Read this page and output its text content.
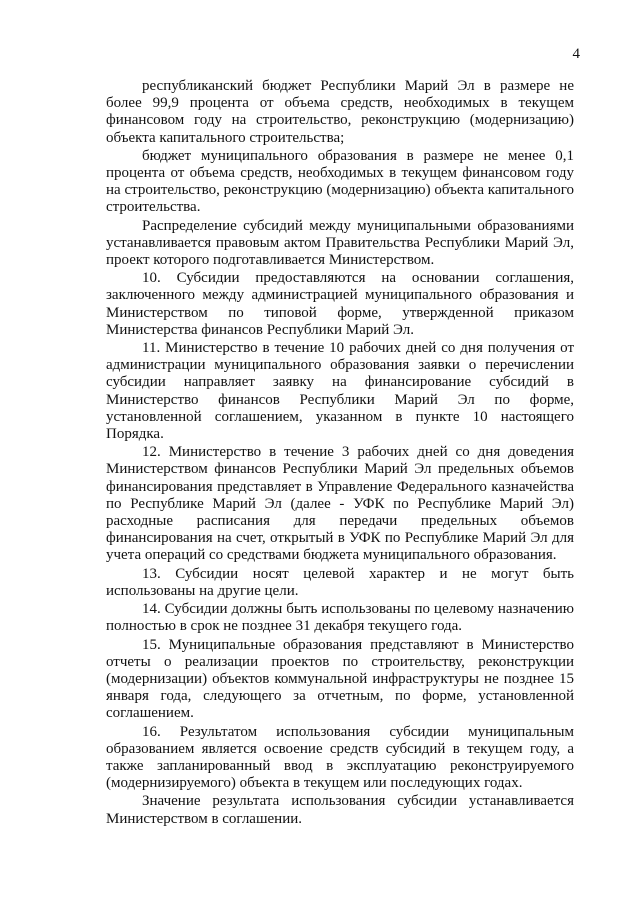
4

республиканский бюджет Республики Марий Эл в размере не более 99,9 процента от объема средств, необходимых в текущем финансовом году на строительство, реконструкцию (модернизацию) объекта капитального строительства;

бюджет муниципального образования в размере не менее 0,1 процента от объема средств, необходимых в текущем финансовом году на строительство, реконструкцию (модернизацию) объекта капитального строительства.

Распределение субсидий между муниципальными образованиями устанавливается правовым актом Правительства Республики Марий Эл, проект которого подготавливается Министерством.

10. Субсидии предоставляются на основании соглашения, заключенного между администрацией муниципального образования и Министерством по типовой форме, утвержденной приказом Министерства финансов Республики Марий Эл.

11. Министерство в течение 10 рабочих дней со дня получения от администрации муниципального образования заявки о перечислении субсидии направляет заявку на финансирование субсидий в Министерство финансов Республики Марий Эл по форме, установленной соглашением, указанном в пункте 10 настоящего Порядка.

12. Министерство в течение 3 рабочих дней со дня доведения Министерством финансов Республики Марий Эл предельных объемов финансирования представляет в Управление Федерального казначейства по Республике Марий Эл (далее - УФК по Республике Марий Эл) расходные расписания для передачи предельных объемов финансирования на счет, открытый в УФК по Республике Марий Эл для учета операций со средствами бюджета муниципального образования.

13. Субсидии носят целевой характер и не могут быть использованы на другие цели.

14. Субсидии должны быть использованы по целевому назначению полностью в срок не позднее 31 декабря текущего года.

15. Муниципальные образования представляют в Министерство отчеты о реализации проектов по строительству, реконструкции (модернизации) объектов коммунальной инфраструктуры не позднее 15 января года, следующего за отчетным, по форме, установленной соглашением.

16. Результатом использования субсидии муниципальным образованием является освоение средств субсидий в текущем году, а также запланированный ввод в эксплуатацию реконструируемого (модернизируемого) объекта в текущем или последующих годах.

Значение результата использования субсидии устанавливается Министерством в соглашении.
